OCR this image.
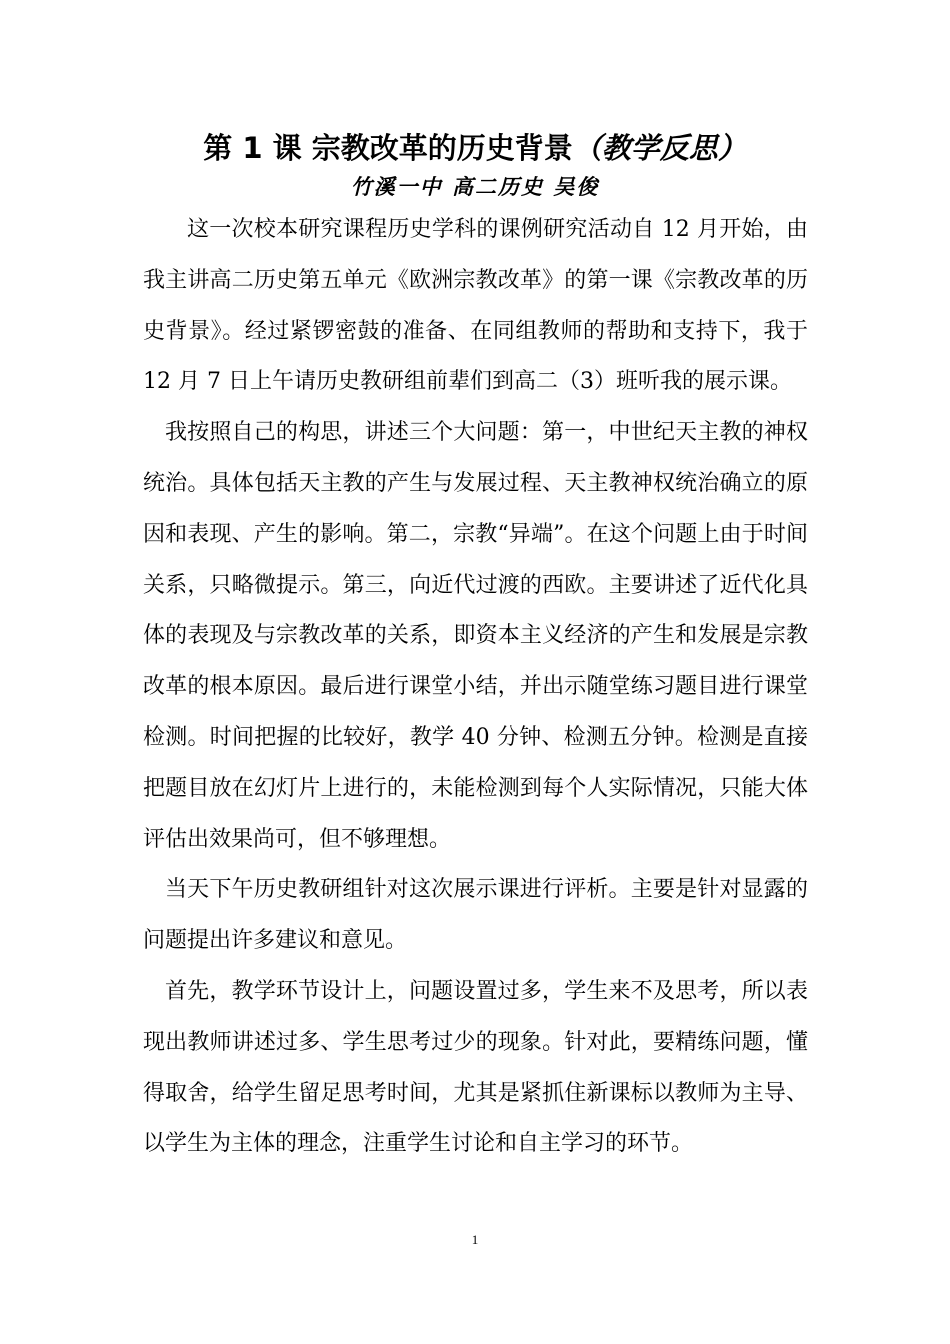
第 1 课 宗教改革的历史背景（教学反思）
竹溪一中 高二历史 吴俊

这一次校本研究课程历史学科的课例研究活动自 12 月开始，由我主讲高二历史第五单元《欧洲宗教改革》的第一课《宗教改革的历史背景》。经过紧锣密鼓的准备、在同组教师的帮助和支持下，我于 12 月 7 日上午请历史教研组前辈们到高二（3）班听我的展示课。

我按照自己的构思，讲述三个大问题：第一，中世纪天主教的神权统治。具体包括天主教的产生与发展过程、天主教神权统治确立的原因和表现、产生的影响。第二，宗教“异端”。在这个问题上由于时间关系，只略微提示。第三，向近代过渡的西欧。主要讲述了近代化具体的表现及与宗教改革的关系，即资本主义经济的产生和发展是宗教改革的根本原因。最后进行课堂小结，并出示随堂练习题目进行课堂检测。时间把握的比较好，教学 40 分钟、检测五分钟。检测是直接把题目放在幻灯片上进行的，未能检测到每个人实际情况，只能大体评估出效果尚可，但不够理想。

当天下午历史教研组针对这次展示课进行评析。主要是针对显露的问题提出许多建议和意见。

首先，教学环节设计上，问题设置过多，学生来不及思考，所以表现出教师讲述过多、学生思考过少的现象。针对此，要精练问题，懂得取舍，给学生留足思考时间，尤其是紧抓住新课标以教师为主导、以学生为主体的理念，注重学生讨论和自主学习的环节。

1
